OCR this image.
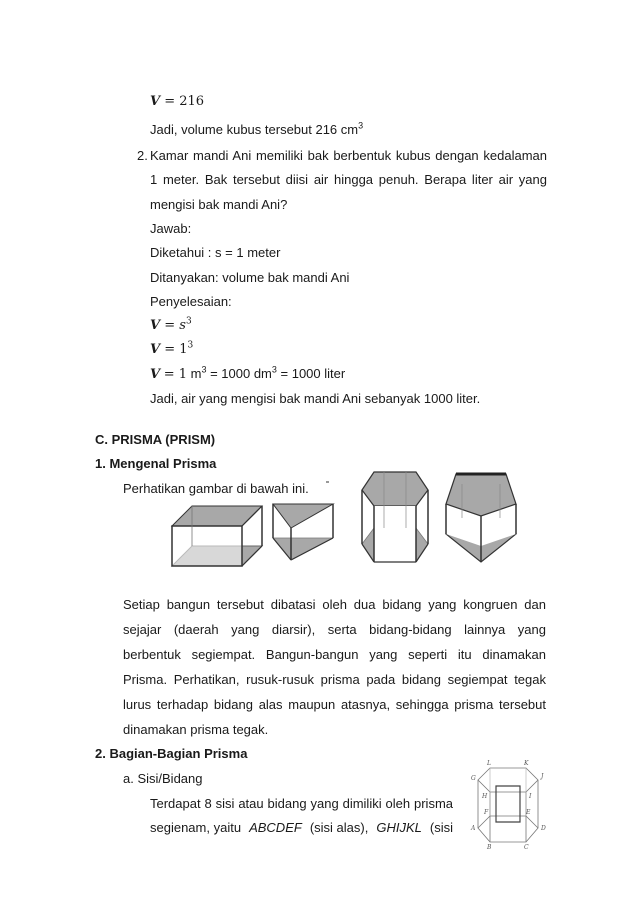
V = 216
Jadi, volume kubus tersebut 216 $cm^3$
2. Kamar mandi Ani memiliki bak berbentuk kubus dengan kedalaman
1 meter. Bak tersebut diisi air hingga penuh. Berapa liter air yang
mengisi bak mandi Ani?
Jawab:
Diketahui : s = 1 meter
Ditanyakan: volume bak mandi Ani
Penyelesaian:
$V = s^3$
$V = 1^3$
V = 1 $m^3 = 1000$ $dm^3 = 1000$ liter
Jadi, air yang mengisi bak mandi Ani sebanyak 1000 liter.
C. PRISMA (PRISM)
1. Mengenal Prisma
Perhatikan gambar di bawah ini.
Setiap bangun tersebut dibatasi oleh dua bidang yang kongruen dan
sejajar (daerah yang diarsir), serta bidang-bidang lainnya yang
berbentuk segiempat. Bangun-bangun yang seperti itu dinamakan
Prisma. Perhatikan, rusuk-rusuk prisma pada bidang segiempat tegak
lurus terhadap bidang alas maupun atasnya, sehingga prisma tersebut
dinamakan prisma tegak.
2. Bagian-Bagian Prisma
a. Sisi/Bidang
Terdapat 8 sisi atau bidang yang dimiliki oleh prisma
segienam, yaitu ABCDEF (sisi alas), GHIJKL (sisi
L	K
G	J
H	I
F	E
A	D
B	C
